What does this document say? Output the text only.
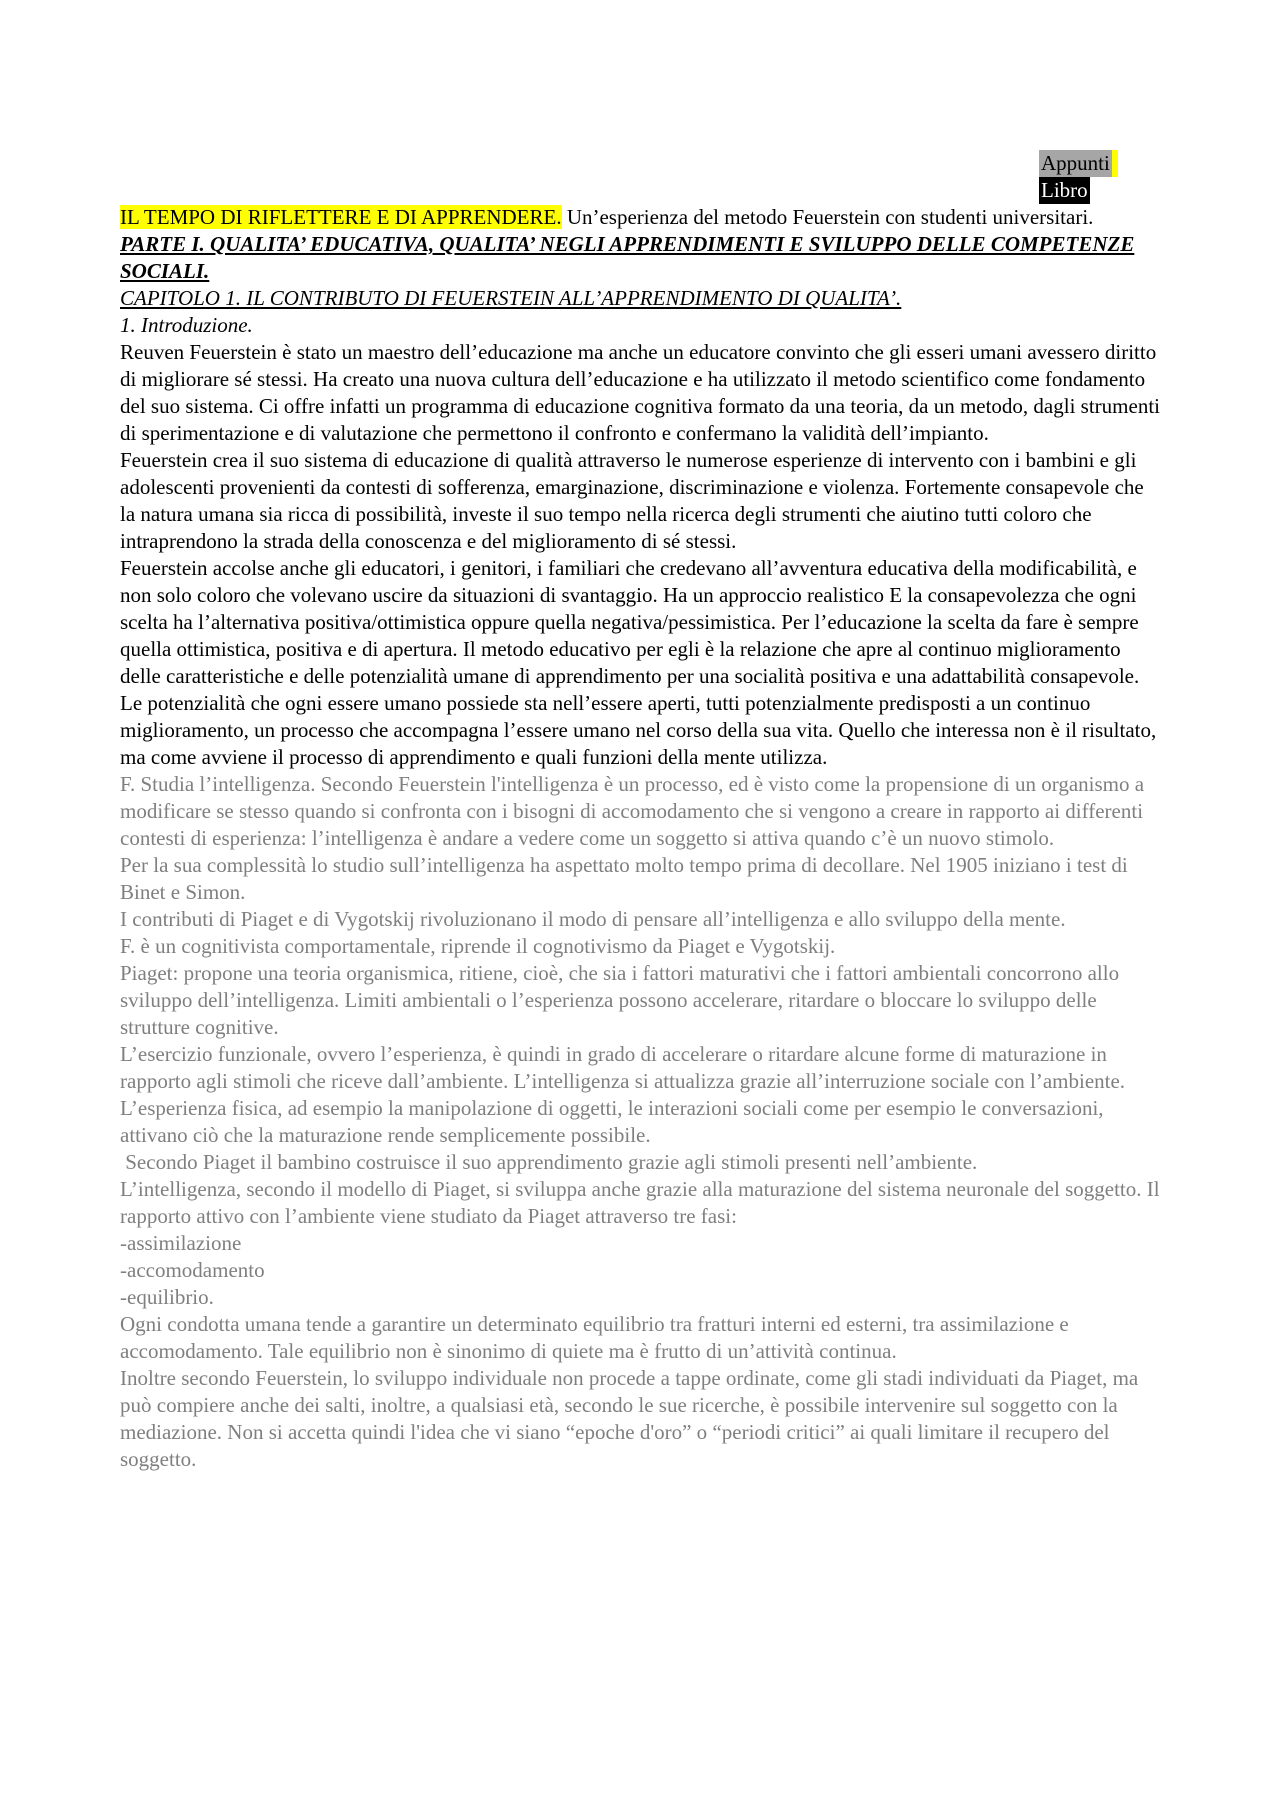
Appunti
Libro

IL TEMPO DI RIFLETTERE E DI APPRENDERE. Un’esperienza del metodo Feuerstein con studenti universitari.

PARTE I. QUALITA’ EDUCATIVA, QUALITA’ NEGLI APPRENDIMENTI E SVILUPPO DELLE COMPETENZE SOCIALI.

CAPITOLO 1. IL CONTRIBUTO DI FEUERSTEIN ALL’APPRENDIMENTO DI QUALITA’.

1. Introduzione.

Reuven Feuerstein è stato un maestro dell’educazione ma anche un educatore convinto che gli esseri umani avessero diritto di migliorare sé stessi. Ha creato una nuova cultura dell’educazione e ha utilizzato il metodo scientifico come fondamento del suo sistema. Ci offre infatti un programma di educazione cognitiva formato da una teoria, da un metodo, dagli strumenti di sperimentazione e di valutazione che permettono il confronto e confermano la validità dell’impianto.

Feuerstein crea il suo sistema di educazione di qualità attraverso le numerose esperienze di intervento con i bambini e gli adolescenti provenienti da contesti di sofferenza, emarginazione, discriminazione e violenza. Fortemente consapevole che la natura umana sia ricca di possibilità, investe il suo tempo nella ricerca degli strumenti che aiutino tutti coloro che intraprendono la strada della conoscenza e del miglioramento di sé stessi.

Feuerstein accolse anche gli educatori, i genitori, i familiari che credevano all’avventura educativa della modificabilità, e non solo coloro che volevano uscire da situazioni di svantaggio. Ha un approccio realistico E la consapevolezza che ogni scelta ha l’alternativa positiva/ottimistica oppure quella negativa/pessimistica. Per l’educazione la scelta da fare è sempre quella ottimistica, positiva e di apertura. Il metodo educativo per egli è la relazione che apre al continuo miglioramento delle caratteristiche e delle potenzialità umane di apprendimento per una socialità positiva e una adattabilità consapevole.

Le potenzialità che ogni essere umano possiede sta nell’essere aperti, tutti potenzialmente predisposti a un continuo miglioramento, un processo che accompagna l’essere umano nel corso della sua vita. Quello che interessa non è il risultato, ma come avviene il processo di apprendimento e quali funzioni della mente utilizza.

F. Studia l’intelligenza. Secondo Feuerstein l'intelligenza è un processo, ed è visto come la propensione di un organismo a modificare se stesso quando si confronta con i bisogni di accomodamento che si vengono a creare in rapporto ai differenti contesti di esperienza: l’intelligenza è andare a vedere come un soggetto si attiva quando c’è un nuovo stimolo.

Per la sua complessità lo studio sull’intelligenza ha aspettato molto tempo prima di decollare. Nel 1905 iniziano i test di Binet e Simon.

I contributi di Piaget e di Vygotskij rivoluzionano il modo di pensare all’intelligenza e allo sviluppo della mente.

F. è un cognitivista comportamentale, riprende il cognotivismo da Piaget e Vygotskij.

Piaget: propone una teoria organismica, ritiene, cioè, che sia i fattori maturativi che i fattori ambientali concorrono allo sviluppo dell’intelligenza. Limiti ambientali o l’esperienza possono accelerare, ritardare o bloccare lo sviluppo delle strutture cognitive.

L’esercizio funzionale, ovvero l’esperienza, è quindi in grado di accelerare o ritardare alcune forme di maturazione in rapporto agli stimoli che riceve dall’ambiente. L’intelligenza si attualizza grazie all’interruzione sociale con l’ambiente.

L’esperienza fisica, ad esempio la manipolazione di oggetti, le interazioni sociali come per esempio le conversazioni, attivano ciò che la maturazione rende semplicemente possibile.

Secondo Piaget il bambino costruisce il suo apprendimento grazie agli stimoli presenti nell’ambiente.

L’intelligenza, secondo il modello di Piaget, si sviluppa anche grazie alla maturazione del sistema neuronale del soggetto. Il rapporto attivo con l’ambiente viene studiato da Piaget attraverso tre fasi:

-assimilazione

-accomodamento

-equilibrio.

Ogni condotta umana tende a garantire un determinato equilibrio tra fratturi interni ed esterni, tra assimilazione e accomodamento. Tale equilibrio non è sinonimo di quiete ma è frutto di un’attività continua.

Inoltre secondo Feuerstein, lo sviluppo individuale non procede a tappe ordinate, come gli stadi individuati da Piaget, ma può compiere anche dei salti, inoltre, a qualsiasi età, secondo le sue ricerche, è possibile intervenire sul soggetto con la mediazione. Non si accetta quindi l'idea che vi siano “epoche d'oro” o “periodi critici” ai quali limitare il recupero del soggetto.
